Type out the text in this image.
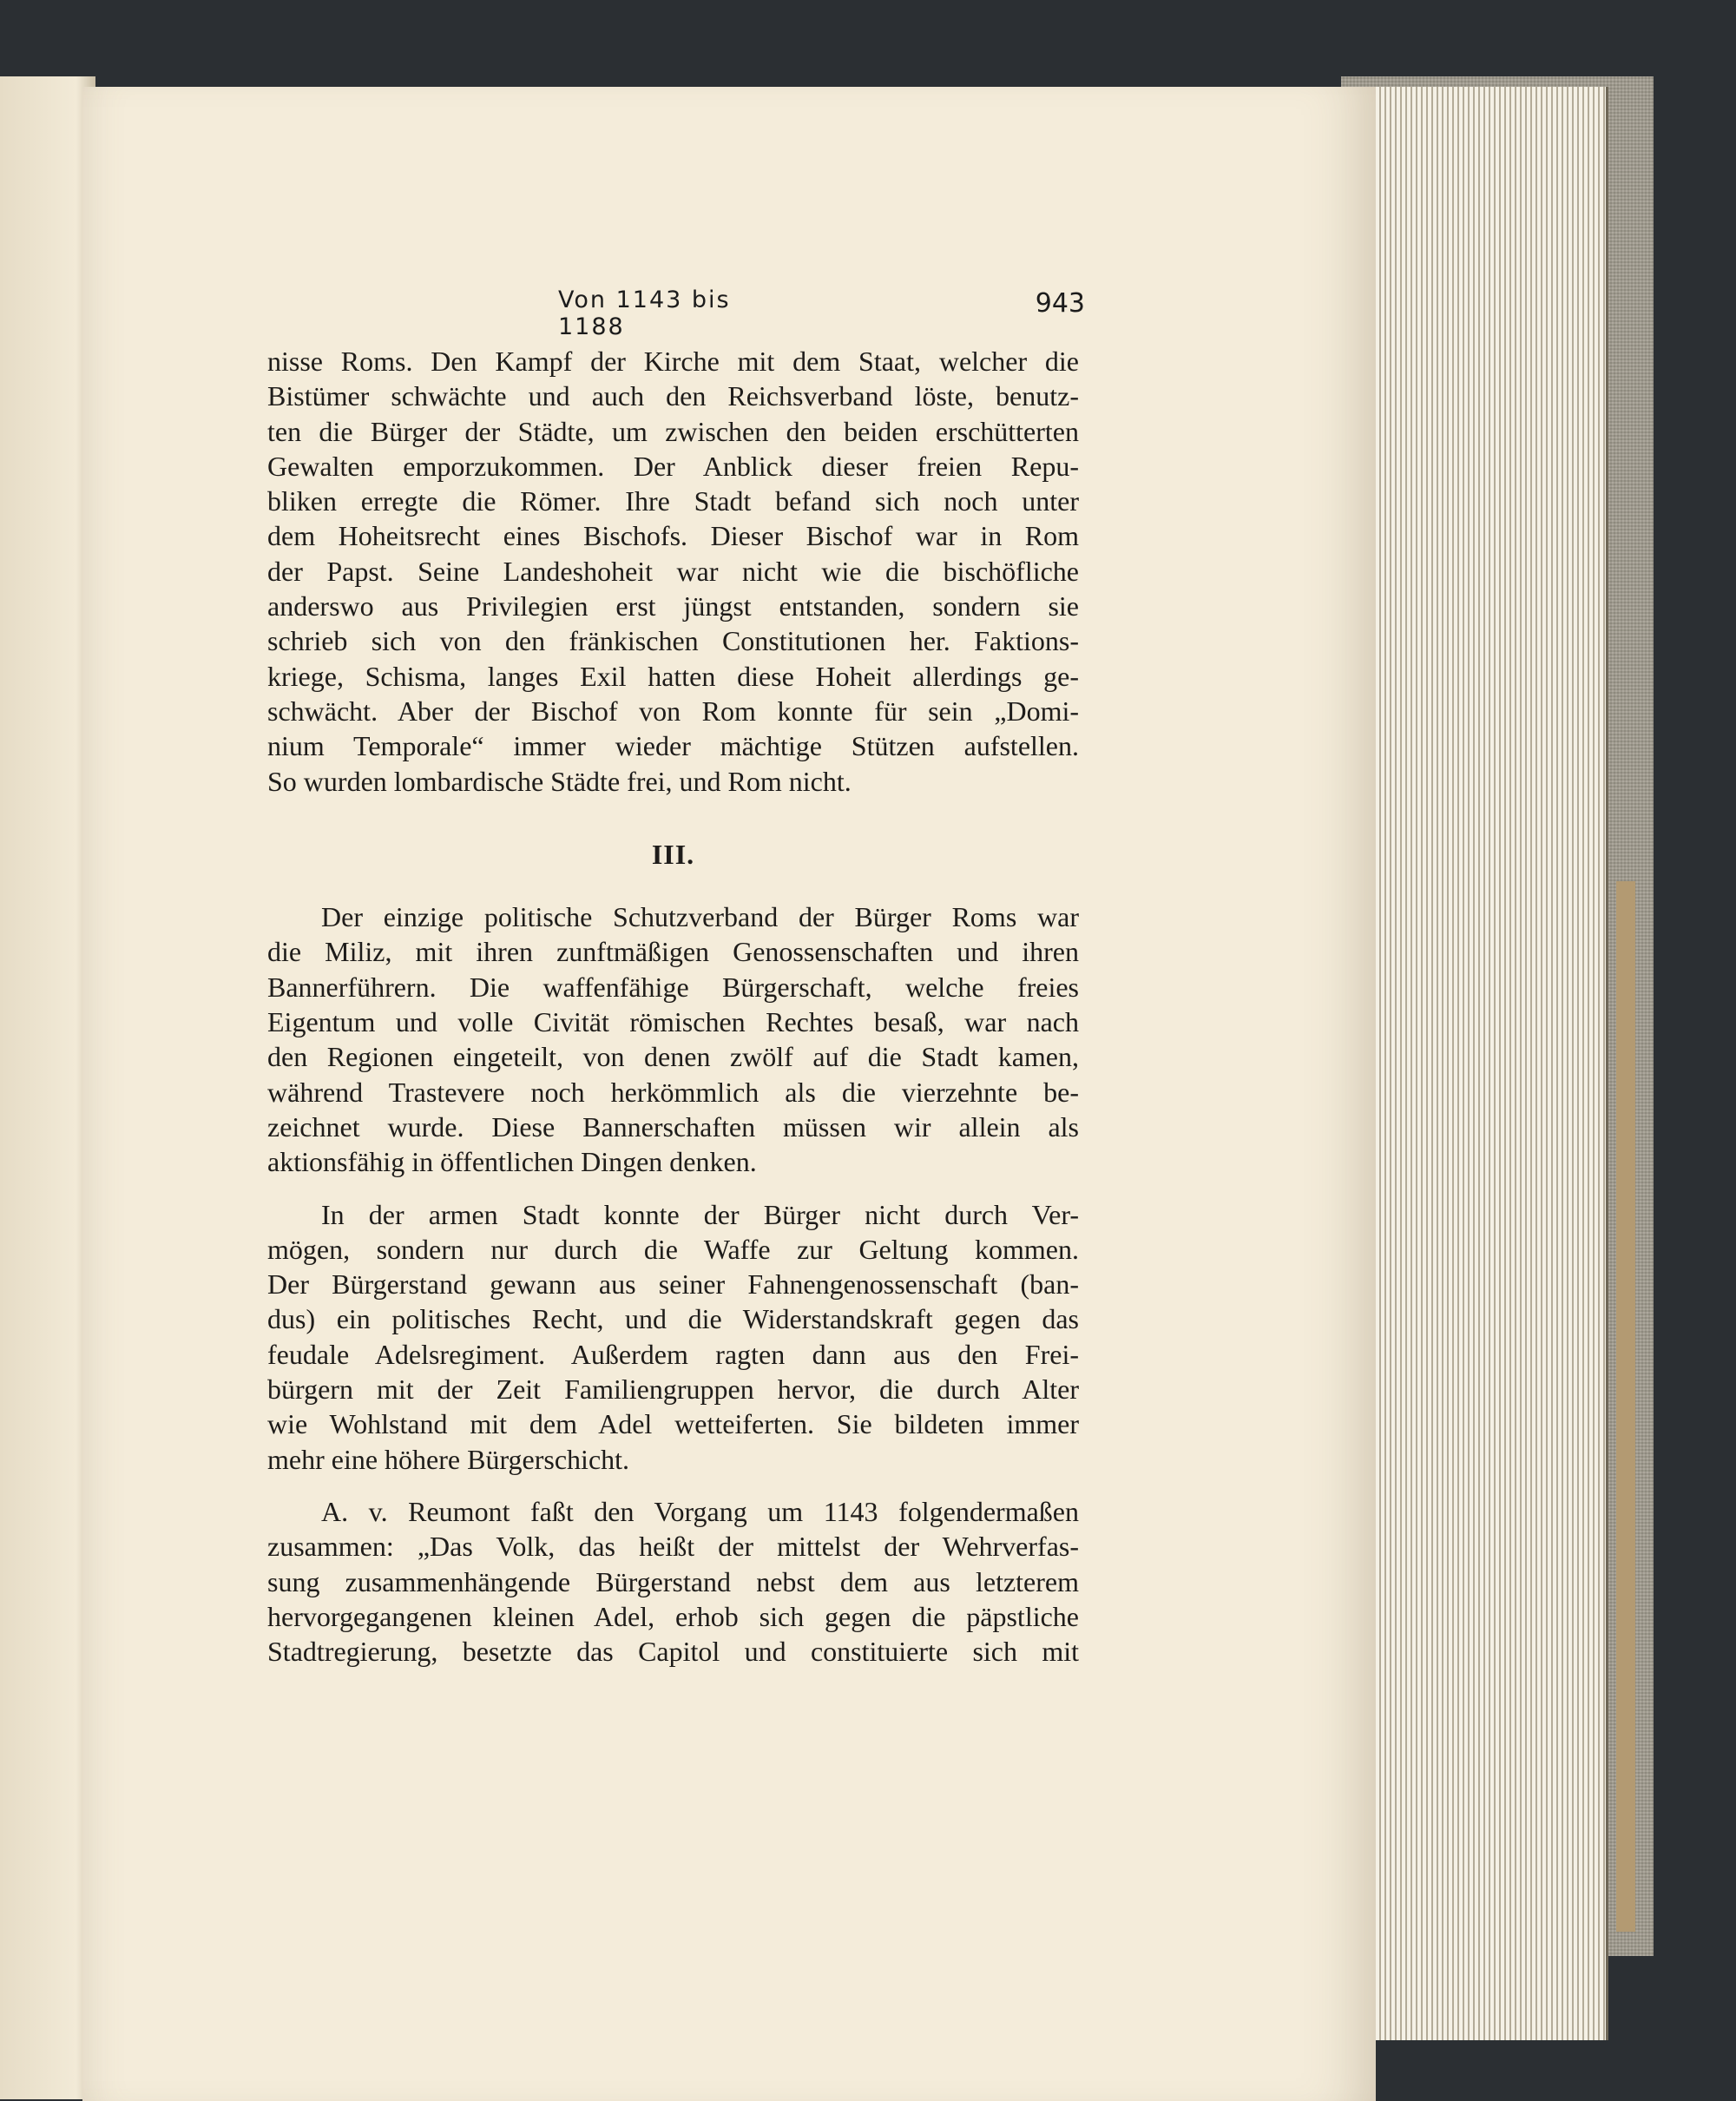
Von 1143 bis 1188
943

nisse Roms. Den Kampf der Kirche mit dem Staat, welcher die

Bistümer schwächte und auch den Reichsverband löste, benutz-

ten die Bürger der Städte, um zwischen den beiden erschütterten

Gewalten emporzukommen. Der Anblick dieser freien Repu-

bliken erregte die Römer. Ihre Stadt befand sich noch unter

dem Hoheitsrecht eines Bischofs. Dieser Bischof war in Rom

der Papst. Seine Landeshoheit war nicht wie die bischöfliche

anderswo aus Privilegien erst jüngst entstanden, sondern sie

schrieb sich von den fränkischen Constitutionen her. Faktions-

kriege, Schisma, langes Exil hatten diese Hoheit allerdings ge-

schwächt. Aber der Bischof von Rom konnte für sein „Domi-

nium Temporale“ immer wieder mächtige Stützen aufstellen.

So wurden lombardische Städte frei, und Rom nicht.

III.

Der einzige politische Schutzverband der Bürger Roms war

die Miliz, mit ihren zunftmäßigen Genossenschaften und ihren

Bannerführern. Die waffenfähige Bürgerschaft, welche freies

Eigentum und volle Civität römischen Rechtes besaß, war nach

den Regionen eingeteilt, von denen zwölf auf die Stadt kamen,

während Trastevere noch herkömmlich als die vierzehnte be-

zeichnet wurde. Diese Bannerschaften müssen wir allein als

aktionsfähig in öffentlichen Dingen denken.

In der armen Stadt konnte der Bürger nicht durch Ver-

mögen, sondern nur durch die Waffe zur Geltung kommen.

Der Bürgerstand gewann aus seiner Fahnengenossenschaft (ban-

dus) ein politisches Recht, und die Widerstandskraft gegen das

feudale Adelsregiment. Außerdem ragten dann aus den Frei-

bürgern mit der Zeit Familiengruppen hervor, die durch Alter

wie Wohlstand mit dem Adel wetteiferten. Sie bildeten immer

mehr eine höhere Bürgerschicht.

A. v. Reumont faßt den Vorgang um 1143 folgendermaßen

zusammen: „Das Volk, das heißt der mittelst der Wehrverfas-

sung zusammenhängende Bürgerstand nebst dem aus letzterem

hervorgegangenen kleinen Adel, erhob sich gegen die päpstliche

Stadtregierung, besetzte das Capitol und constituierte sich mit
